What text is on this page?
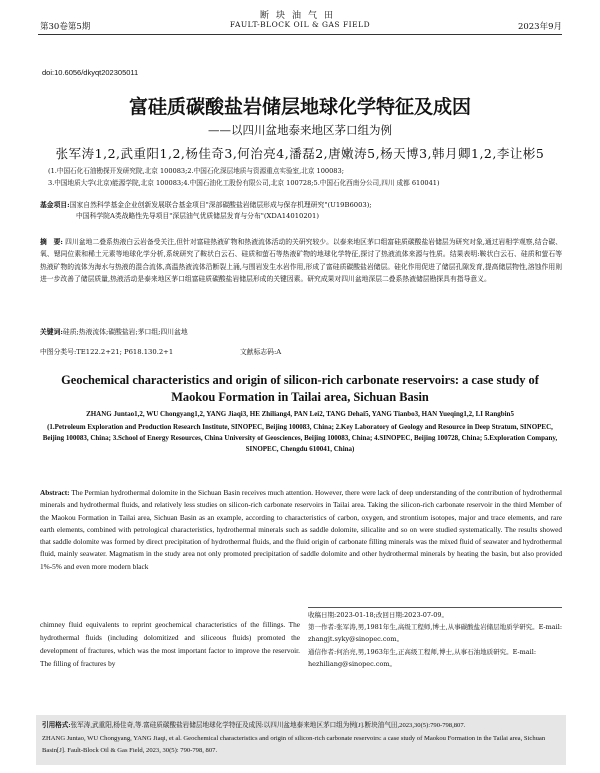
断块油气田
第30卷第5期	FAULT-BLOCK OIL & GAS FIELD	2023年9月
doi:10.6056/dkyqt202305011
富硅质碳酸盐岩储层地球化学特征及成因
——以四川盆地泰来地区茅口组为例
张军涛1,2,武重阳1,2,杨佳奇3,何治亮4,潘磊2,唐嫩涛5,杨天博3,韩月卿1,2,李让彬5
(1.中国石化石油勘探开发研究院,北京 100083;2.中国石化深层地质与资源重点实验室,北京 100083;
3.中国地质大学(北京)能源学院,北京 100083;4.中国石油化工股份有限公司,北京 100728;5.中国石化西南分公司,四川 成都 610041)
基金项目:国家自然科学基金企业创新发展联合基金项目"深部碳酸盐岩储层形成与保存机理研究"(U19B6003);
中国科学院A类战略性先导项目"深层油气优质储层发育与分布"(XDA14010201)
摘　要: 四川盆地二叠系热液白云岩备受关注,但针对富硅热液矿物和热液流体活动的关研究较少。以泰来地区茅口组富硅质碳酸盐岩储层为研究对象,通过岩相学观察,结合碳、氧、锶同位素和稀土元素等地球化学分析,系统研究了鞍状白云石、硅质和萤石等热液矿物的地球化学特征,探讨了热液流体来源与性质。结果表明:鞍状白云石、硅质和萤石等热液矿物的流体为海水与热液的混合流体,高温热液流体沿断裂上涌,与围岩发生水岩作用,形成了富硅质碳酸盐岩储层。硅化作用促进了储层孔隙发育,提高储层物性,溶蚀作用则进一步改善了储层质量,热液活动是泰来地区茅口组富硅质碳酸盐岩储层形成的关键因素。研究成果对四川盆地深层二叠系热液储层勘探具有指导意义。
关键词:硅质;热液流体;碳酸盐岩;茅口组;四川盆地
中图分类号:TE122.2+21; P618.130.2+1	文献标志码:A
Geochemical characteristics and origin of silicon-rich carbonate reservoirs: a case study of Maokou Formation in Tailai area, Sichuan Basin
ZHANG Juntao1,2, WU Chongyang1,2, YANG Jiaqi3, HE Zhiliang4, PAN Lei2, TANG Dehai5, YANG Tianbo3, HAN Yueqing1,2, LI Rangbin5
(1.Petroleum Exploration and Production Research Institute, SINOPEC, Beijing 100083, China; 2.Key Laboratory of Geology and Resource in Deep Stratum, SINOPEC, Beijing 100083, China; 3.School of Energy Resources, China University of Geosciences, Beijing 100083, China; 4.SINOPEC, Beijing 100728, China; 5.Exploration Company, SINOPEC, Chengdu 610041, China)
Abstract: The Permian hydrothermal dolomite in the Sichuan Basin receives much attention. However, there were lack of deep understanding of the contribution of hydrothermal minerals and hydrothermal fluids, and relatively less studies on silicon-rich carbonate reservoirs in Tailai area. Taking the silicon-rich carbonate reservoir in the third Member of the Maokou Formation in Tailai area, Sichuan Basin as an example, according to characteristics of carbon, oxygen, and strontium isotopes, major and trace elements, and rare earth elements, combined with petrological characteristics, hydrothermal minerals such as saddle dolomite, silicalite and so on were studied systematically. The results showed that saddle dolomite was formed by direct precipitation of hydrothermal fluids, and the fluid origin of carbonate filling minerals was the mixed fluid of seawater and hydrothermal fluid, mainly seawater. Magmatism in the study area not only promoted precipitation of saddle dolomite and other hydrothermal minerals by heating the basin, but also provided 1%-5% and even more modern black
chimney fluid equivalents to reprint geochemical characteristics of the fillings. The hydrothermal fluids (including dolomitized and siliceous fluids) promoted the development of fractures, which was the most important factor to improve the reservoir. The filling of fractures by
收稿日期:2023-01-18;改回日期:2023-07-09。
第一作者:张军涛,男,1981年生,高级工程师,博士,从事碳酸盐岩储层地质学研究。E-mail: zhangjt.syky@sinopec.com。
通信作者:何治亮,男,1963年生,正高级工程师,博士,从事石油地质研究。E-mail: hezhiliang@sinopec.com。
引用格式:张军涛,武重阳,杨佳奇,等.富硅质碳酸盐岩储层地球化学特征及成因:以四川盆地泰来地区茅口组为例[J].断块油气田,2023,30(5):790-798,807.
ZHANG Juntao, WU Chongyang, YANG Jiaqi, et al. Geochemical characteristics and origin of silicon-rich carbonate reservoirs: a case study of Maokou Formation in the Tailai area, Sichuan Basin[J]. Fault-Block Oil & Gas Field, 2023, 30(5): 790-798, 807.
